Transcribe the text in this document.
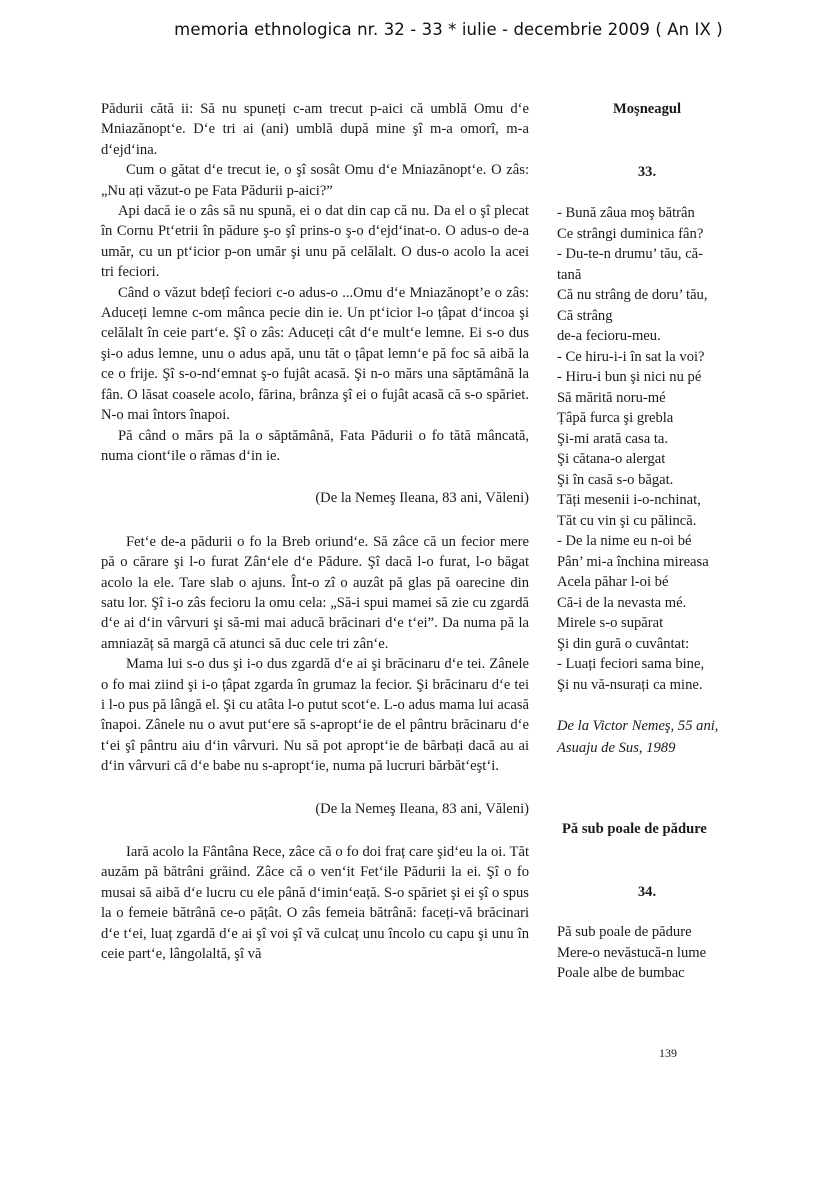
memoria ethnologica nr. 32 - 33 * iulie - decembrie 2009 ( An IX )

Pădurii cătă ii: Să nu spuneți c-am trecut p-aici că umblă Omu d‘e Mniazănopt‘e. D‘e tri ai (ani) umblă după mine şî m-a omorî, m-a d‘ejd‘ina.

Cum o gătat d‘e trecut ie, o şî sosât Omu d‘e Mniazănopt‘e. O zâs: „Nu ați văzut-o pe Fata Pădurii p-aici?”

Api dacă ie o zâs să nu spună, ei o dat din cap că nu. Da el o şî plecat în Cornu Pt‘etrii în pădure ş-o şî prins-o ş-o d‘ejd‘inat-o. O adus-o de-a umăr, cu un pt‘icior p-on umăr şi unu pă celălalt. O dus-o acolo la acei tri feciori.

Când o văzut bdețî feciori c-o adus-o ...Omu d‘e Mniazănopt’e o zâs: Aduceți lemne c-om mânca pecie din ie. Un pt‘icior l-o țâpat d‘incoa şi celălalt în ceie part‘e. Şî o zâs: Aduceți cât d‘e mult‘e lemne. Ei s-o dus şi-o adus lemne, unu o adus apă, unu tăt o țâpat lemn‘e pă foc să aibă la ce o frije. Şî s-o-nd‘emnat ş-o fujât acasă. Şi n-o mărs una săptămână la fân. O lăsat coasele acolo, fărina, brânza şî ei o fujât acasă că s-o spăriet. N-o mai întors înapoi.

Pă când o mărs pă la o săptămână, Fata Pădurii o fo tătă mâncată, numa ciont‘ile o rămas d‘in ie.

(De la Nemeş Ileana, 83 ani, Văleni)

Fet‘e de-a pădurii o fo la Breb oriund‘e. Să zâce că un fecior mere pă o cărare şi l-o furat Zân‘ele d‘e Pădure. Şî dacă l-o furat, l-o băgat acolo la ele. Tare slab o ajuns. Înt-o zî o auzât pă glas pă oarecine din satu lor. Şî i-o zâs fecioru la omu cela: „Să-i spui mamei să zie cu zgardă d‘e ai d‘in vârvuri şi să-mi mai aducă brăcinari d‘e t‘ei”. Da numa pă la amniazăț să margă că atunci să duc cele tri zân‘e.

Mama lui s-o dus şi i-o dus zgardă d‘e ai şi brăcinaru d‘e tei. Zânele o fo mai ziind şi i-o țâpat zgarda în grumaz la fecior. Şi brăcinaru d‘e tei i l-o pus pă lângă el. Şi cu atâta l-o putut scot‘e. L-o adus mama lui acasă înapoi. Zânele nu o avut put‘ere să s-apropt‘ie de el pântru brăcinaru d‘e t‘ei şî pântru aiu d‘in vârvuri. Nu să pot apropt‘ie de bărbați dacă au ai d‘in vârvuri că d‘e babe nu s-apropt‘ie, numa pă lucruri bărbăt‘eşt‘i.

(De la Nemeş Ileana, 83 ani, Văleni)

Iară acolo la Fântâna Rece, zâce că o fo doi fraț care şid‘eu la oi. Tăt auzăm pă bătrâni grăind. Zâce că o ven‘it Fet‘ile Pădurii la ei. Şî o fo musai să aibă d‘e lucru cu ele până d‘imin‘eață. S-o spăriet şi ei şî o spus la o femeie bătrână ce-o pățât. O zâs femeia bătrână: faceți-vă brăcinari d‘e t‘ei, luaț zgardă d‘e ai şî voi şî vă culcaț unu încolo cu capu şi unu în ceie part‘e, lângolaltă, şî vă

Moşneagul
33.
- Bună zâua moş bătrân
Ce strângi duminica fân?
- Du-te-n drumu’ tău, că-
tană
Că nu strâng de doru’ tău,
Că strâng
de-a fecioru-meu.
- Ce hiru-i-i în sat la voi?
- Hiru-i bun şi nici nu pé
Să mărită noru-mé
Țâpă furca şi grebla
Şi-mi arată casa ta.
Şi cătana-o alergat
Şi în casă s-o băgat.
Tăți mesenii i-o-nchinat,
Tăt cu vin şi cu pălincă.
- De la nime eu n-oi bé
Pân’ mi-a închina mireasa
Acela păhar l-oi bé
Că-i de la nevasta mé.
Mirele s-o supărat
Şi din gură o cuvântat:
- Luați feciori sama bine,
Şi nu vă-nsurați ca mine.
De la Victor Nemeş, 55 ani, Asuaju de Sus, 1989
Pă sub poale de pădure
34.
Pă sub poale de pădure
Mere-o nevăstucă-n lume
Poale albe de bumbac
139
